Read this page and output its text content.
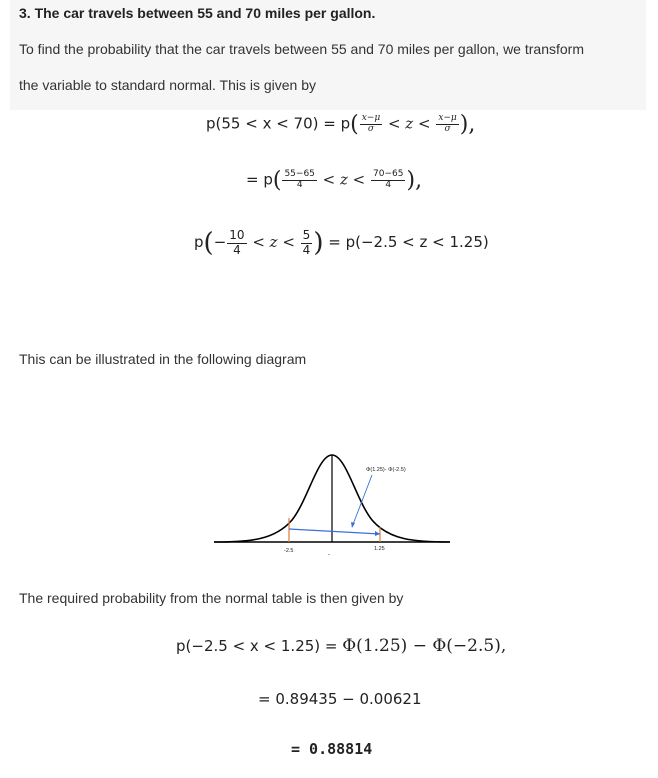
3. The car travels between 55 and 70 miles per gallon.
To find the probability that the car travels between 55 and 70 miles per gallon, we transform
the variable to standard normal. This is given by
$p(55 < x < 70) = p( \frac{x-\mu}{\sigma} < z < \frac{x-\mu}{\sigma}$ ),
= $p( \frac{55-65}{4} < z < \frac{70-65}{4}$ ),
$p(- \frac{10}{4} < z < \frac{5}{4}$ ) = p(−2.5 < z < 1.25)
This can be illustrated in the following diagram
Φ(1.25)- Φ(-2.5)
-2.5	1.25
-
The required probability from the normal table is then given by
p(−2.5 < x < 1.25) = Φ(1.25) − Φ(−2.5),
= 0.89435 − 0.00621
= 0.88814
